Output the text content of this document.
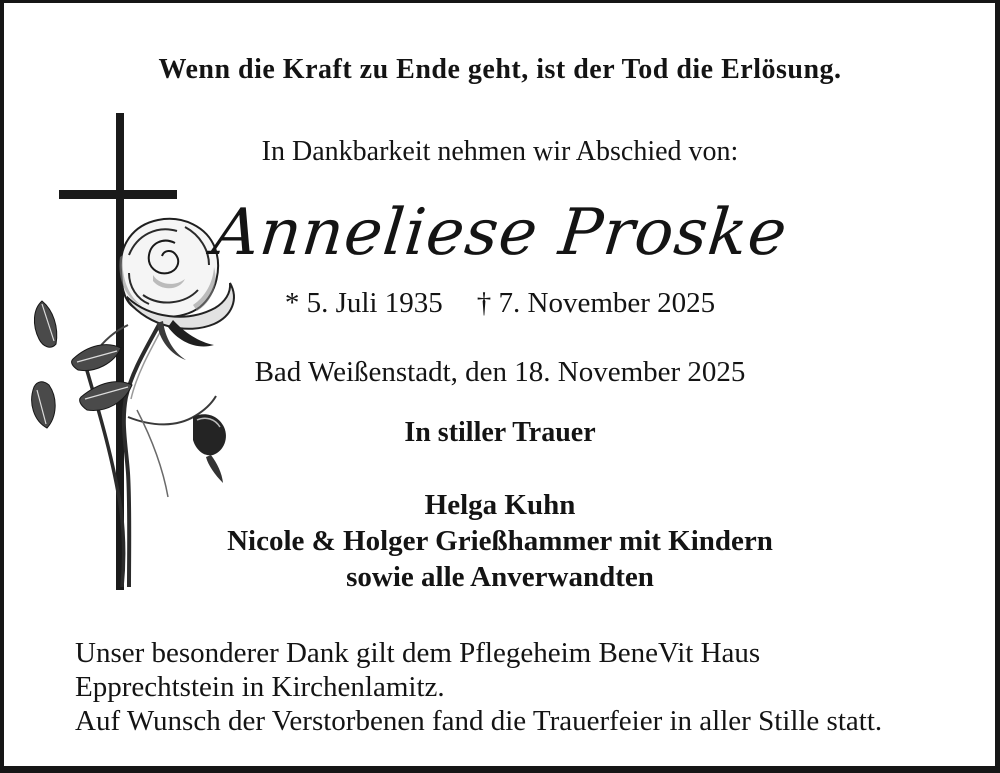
Wenn die Kraft zu Ende geht, ist der Tod die Erlösung.
In Dankbarkeit nehmen wir Abschied von:
Anneliese Proske
* 5. Juli 1935 † 7. November 2025
Bad Weißenstadt, den 18. November 2025
In stiller Trauer
Helga Kuhn
Nicole & Holger Grießhammer mit Kindern
sowie alle Anverwandten
Unser besonderer Dank gilt dem Pflegeheim BeneVit Haus
Epprechtstein in Kirchenlamitz.
Auf Wunsch der Verstorbenen fand die Trauerfeier in aller Stille statt.
